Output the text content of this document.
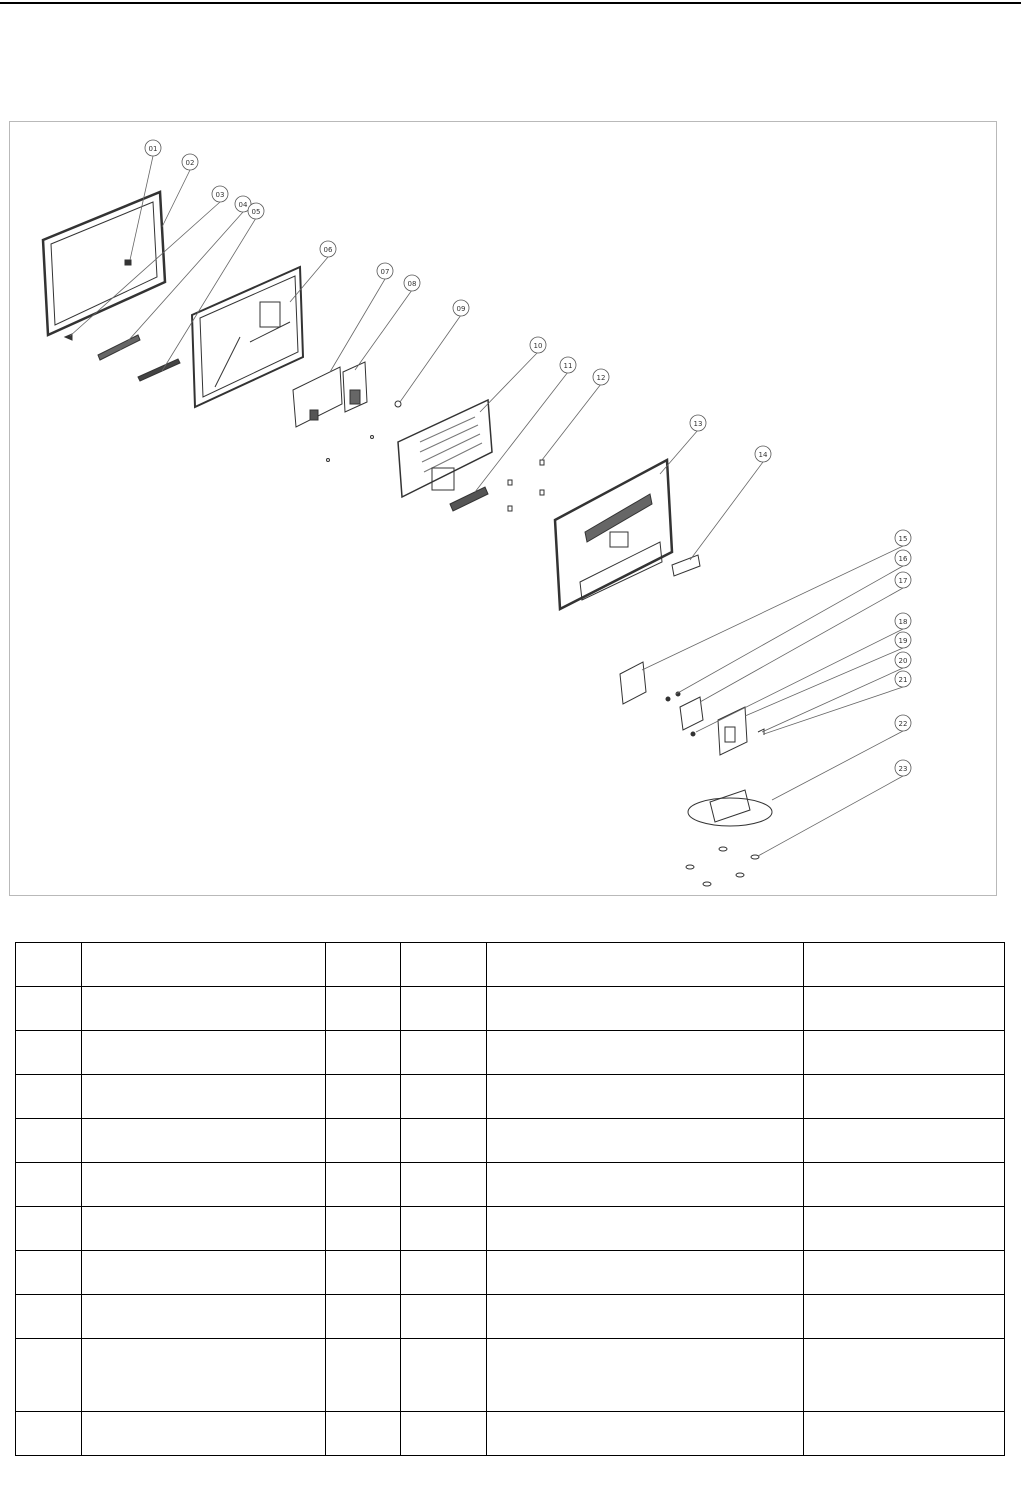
01
02
03
04
05
06
07
08
09
10
11
12
13
14
15
16
17
18
19
20
21
22
23
